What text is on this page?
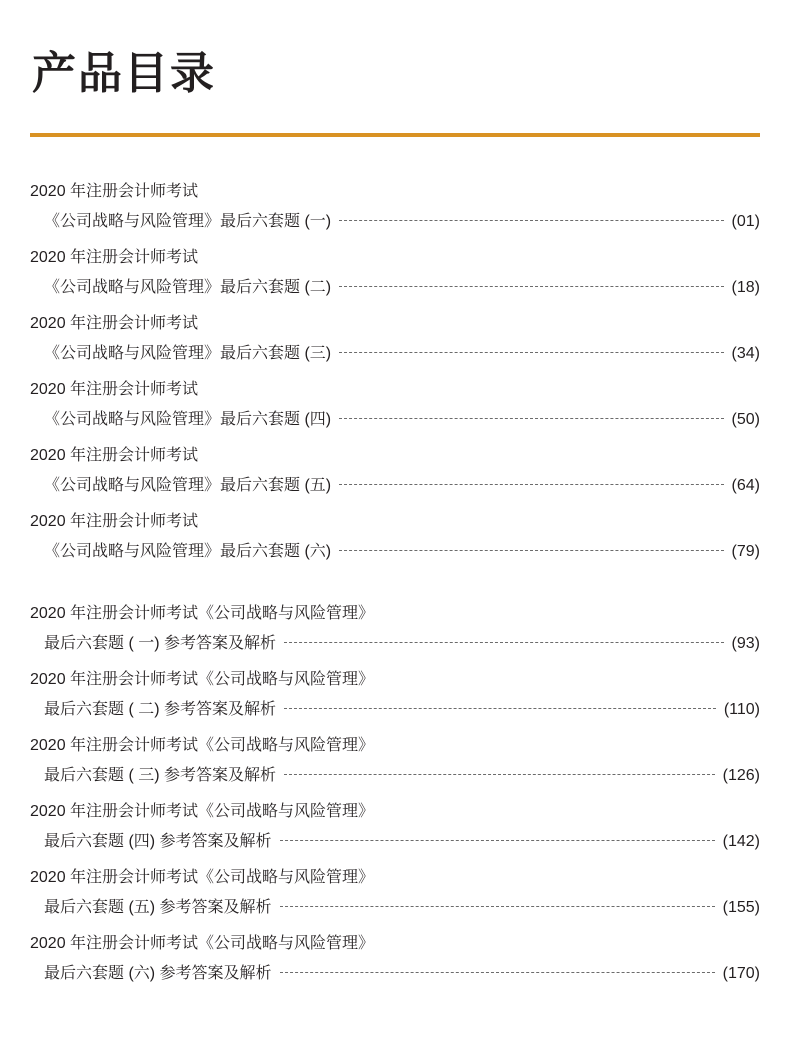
产品目录
2020 年注册会计师考试
《公司战略与风险管理》最后六套题 (一)	(01)
2020 年注册会计师考试
《公司战略与风险管理》最后六套题 (二)	(18)
2020 年注册会计师考试
《公司战略与风险管理》最后六套题 (三)	(34)
2020 年注册会计师考试
《公司战略与风险管理》最后六套题 (四)	(50)
2020 年注册会计师考试
《公司战略与风险管理》最后六套题 (五)	(64)
2020 年注册会计师考试
《公司战略与风险管理》最后六套题 (六)	(79)
2020 年注册会计师考试《公司战略与风险管理》
最后六套题 ( 一) 参考答案及解析	(93)
2020 年注册会计师考试《公司战略与风险管理》
最后六套题 ( 二) 参考答案及解析	(110)
2020 年注册会计师考试《公司战略与风险管理》
最后六套题 ( 三) 参考答案及解析	(126)
2020 年注册会计师考试《公司战略与风险管理》
最后六套题 (四) 参考答案及解析	(142)
2020 年注册会计师考试《公司战略与风险管理》
最后六套题 (五) 参考答案及解析	(155)
2020 年注册会计师考试《公司战略与风险管理》
最后六套题 (六) 参考答案及解析	(170)
